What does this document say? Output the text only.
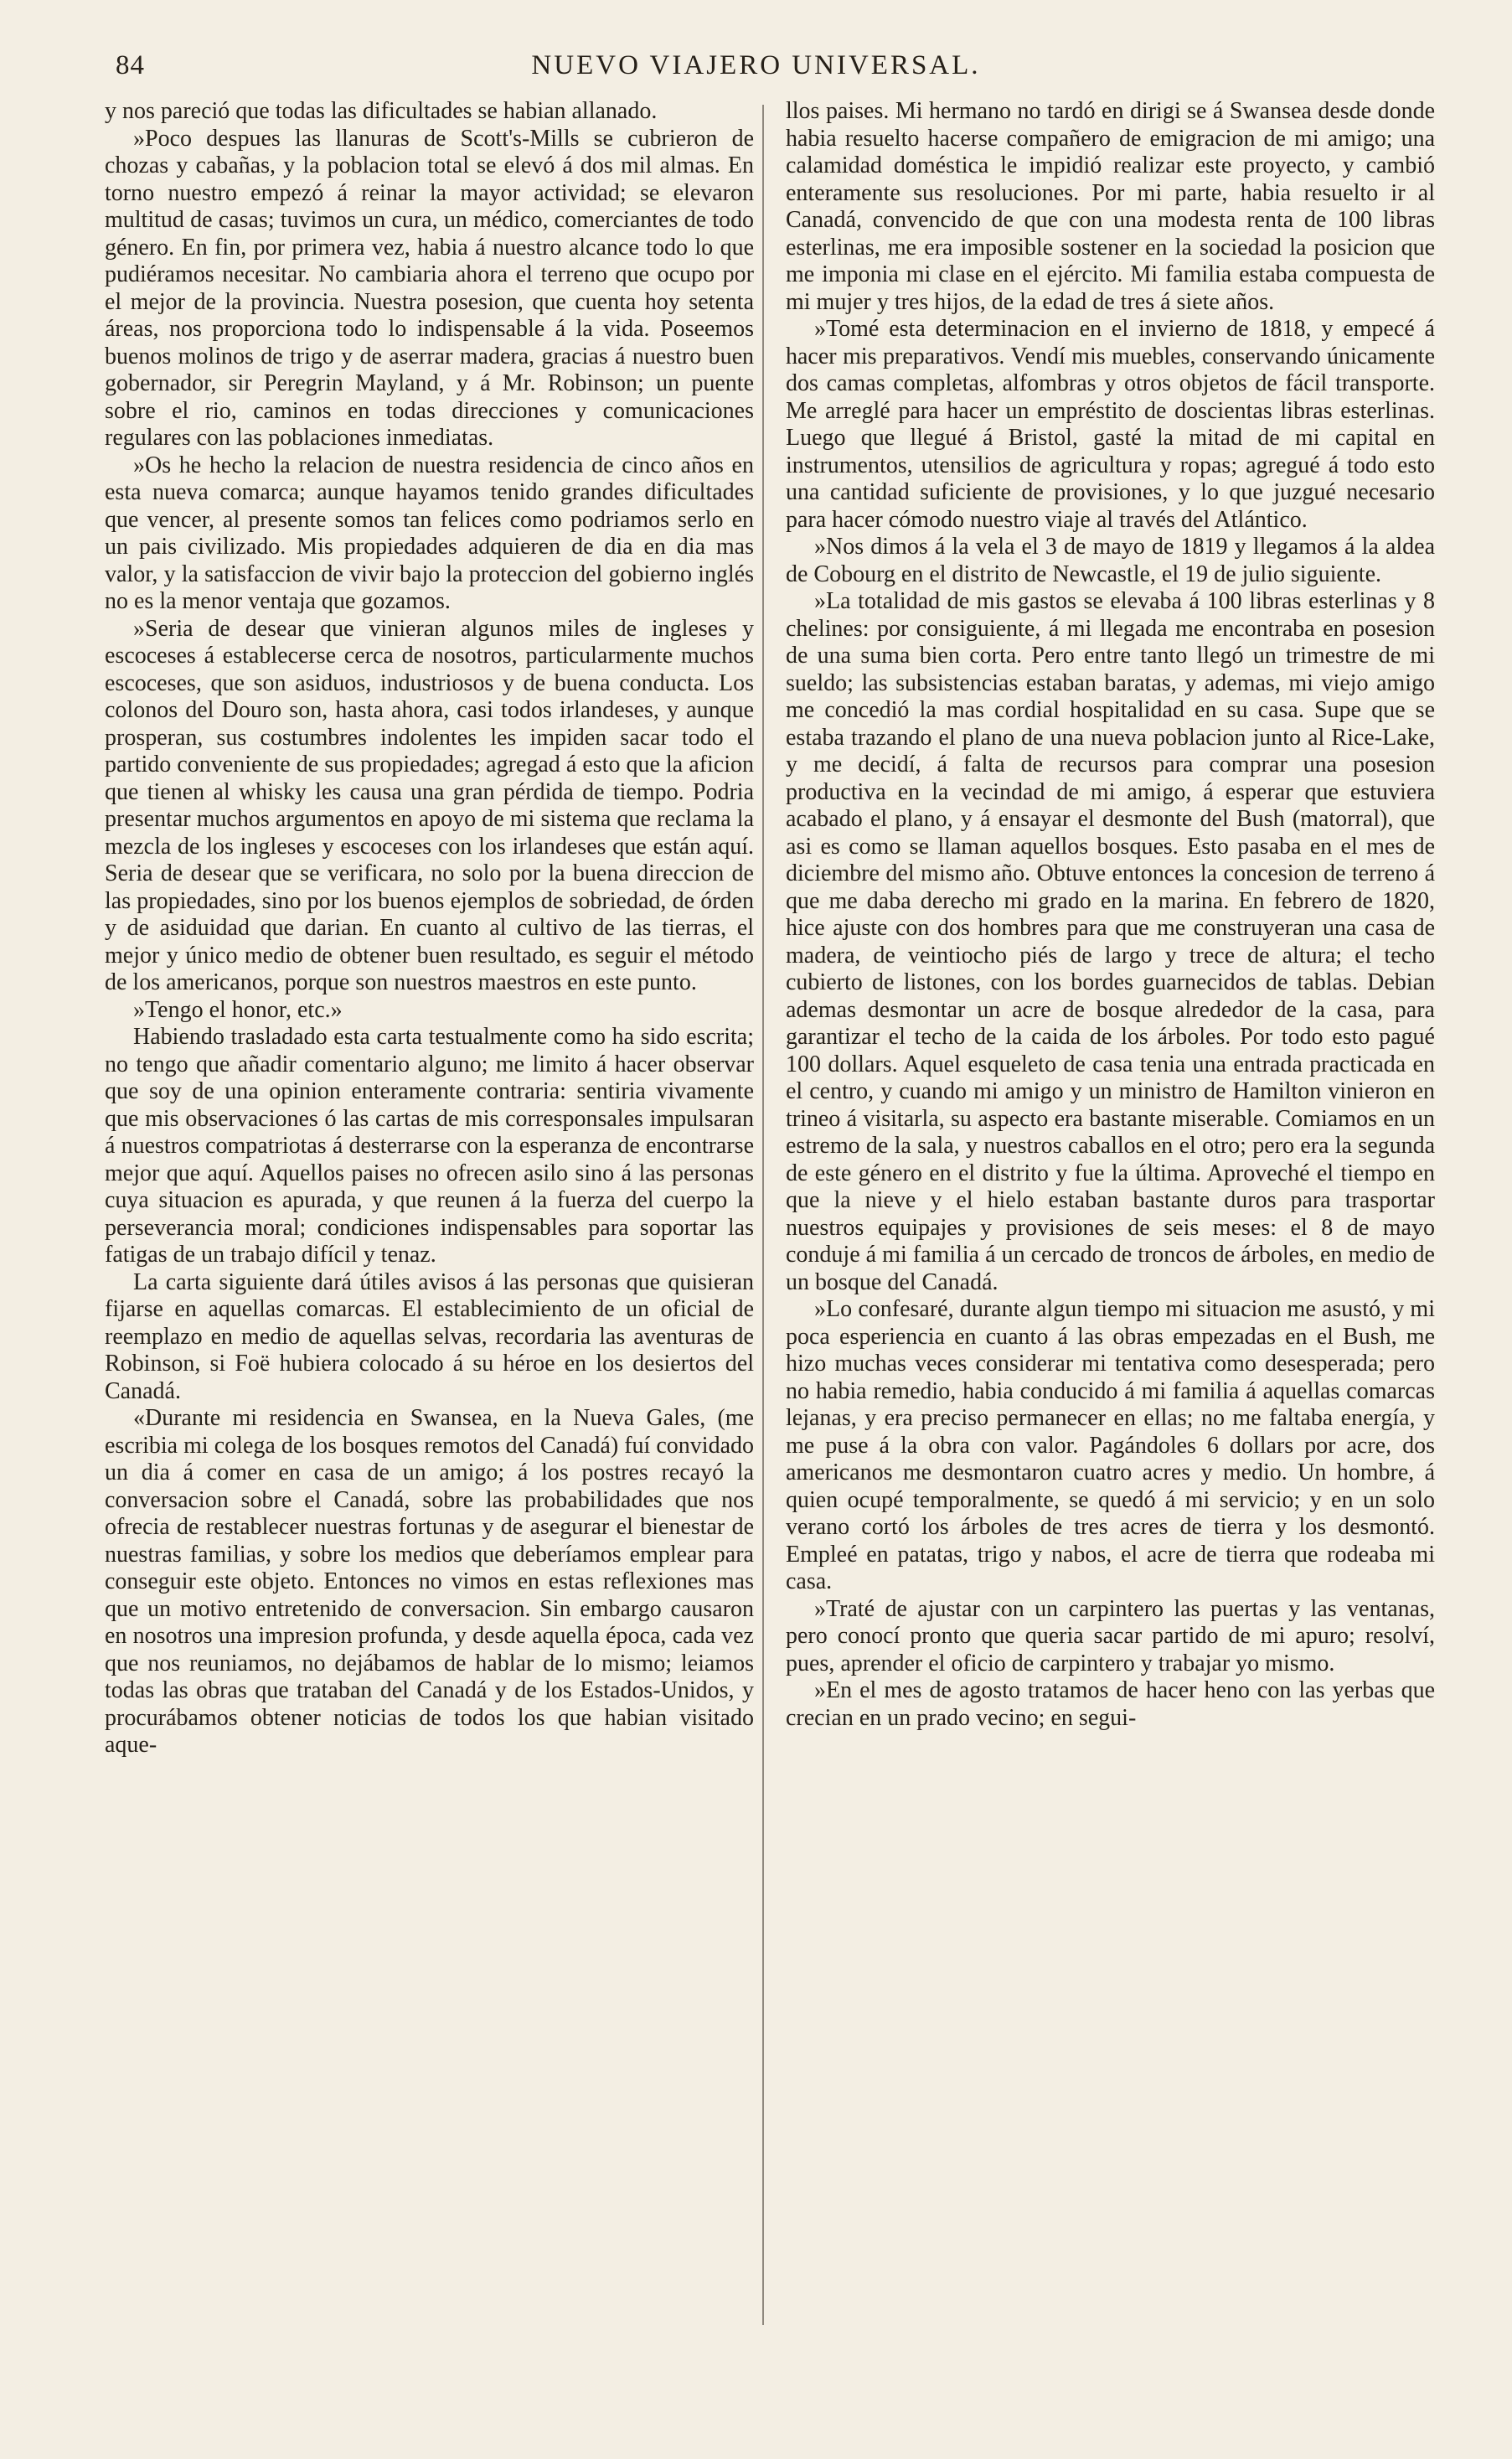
84	NUEVO VIAJERO UNIVERSAL.

y nos pareció que todas las dificultades se habian allanado.

»Poco despues las llanuras de Scott's-Mills se cubrieron de chozas y cabañas, y la poblacion total se elevó á dos mil almas. En torno nuestro empezó á reinar la mayor actividad; se elevaron multitud de casas; tuvimos un cura, un médico, comerciantes de todo género. En fin, por primera vez, habia á nuestro alcance todo lo que pudiéramos necesitar. No cambiaria ahora el terreno que ocupo por el mejor de la provincia. Nuestra posesion, que cuenta hoy setenta áreas, nos proporciona todo lo indispensable á la vida. Poseemos buenos molinos de trigo y de aserrar madera, gracias á nuestro buen gobernador, sir Peregrin Mayland, y á Mr. Robinson; un puente sobre el rio, caminos en todas direcciones y comunicaciones regulares con las poblaciones inmediatas.

»Os he hecho la relacion de nuestra residencia de cinco años en esta nueva comarca; aunque hayamos tenido grandes dificultades que vencer, al presente somos tan felices como podriamos serlo en un pais civilizado. Mis propiedades adquieren de dia en dia mas valor, y la satisfaccion de vivir bajo la proteccion del gobierno inglés no es la menor ventaja que gozamos.

»Seria de desear que vinieran algunos miles de ingleses y escoceses á establecerse cerca de nosotros, particularmente muchos escoceses, que son asiduos, industriosos y de buena conducta. Los colonos del Douro son, hasta ahora, casi todos irlandeses, y aunque prosperan, sus costumbres indolentes les impiden sacar todo el partido conveniente de sus propiedades; agregad á esto que la aficion que tienen al whisky les causa una gran pérdida de tiempo. Podria presentar muchos argumentos en apoyo de mi sistema que reclama la mezcla de los ingleses y escoceses con los irlandeses que están aquí. Seria de desear que se verificara, no solo por la buena direccion de las propiedades, sino por los buenos ejemplos de sobriedad, de órden y de asiduidad que darian. En cuanto al cultivo de las tierras, el mejor y único medio de obtener buen resultado, es seguir el método de los americanos, porque son nuestros maestros en este punto.

»Tengo el honor, etc.»

Habiendo trasladado esta carta testualmente como ha sido escrita; no tengo que añadir comentario alguno; me limito á hacer observar que soy de una opinion enteramente contraria: sentiria vivamente que mis observaciones ó las cartas de mis corresponsales impulsaran á nuestros compatriotas á desterrarse con la esperanza de encontrarse mejor que aquí. Aquellos paises no ofrecen asilo sino á las personas cuya situacion es apurada, y que reunen á la fuerza del cuerpo la perseverancia moral; condiciones indispensables para soportar las fatigas de un trabajo difícil y tenaz.

La carta siguiente dará útiles avisos á las personas que quisieran fijarse en aquellas comarcas. El establecimiento de un oficial de reemplazo en medio de aquellas selvas, recordaria las aventuras de Robinson, si Foë hubiera colocado á su héroe en los desiertos del Canadá.

«Durante mi residencia en Swansea, en la Nueva Gales, (me escribia mi colega de los bosques remotos del Canadá) fuí convidado un dia á comer en casa de un amigo; á los postres recayó la conversacion sobre el Canadá, sobre las probabilidades que nos ofrecia de restablecer nuestras fortunas y de asegurar el bienestar de nuestras familias, y sobre los medios que deberíamos emplear para conseguir este objeto. Entonces no vimos en estas reflexiones mas que un motivo entretenido de conversacion. Sin embargo causaron en nosotros una impresion profunda, y desde aquella época, cada vez que nos reuniamos, no dejábamos de hablar de lo mismo; leiamos todas las obras que trataban del Canadá y de los Estados-Unidos, y procurábamos obtener noticias de todos los que habian visitado aque-

llos paises. Mi hermano no tardó en dirigi se á Swansea desde donde habia resuelto hacerse compañero de emigracion de mi amigo; una calamidad doméstica le impidió realizar este proyecto, y cambió enteramente sus resoluciones. Por mi parte, habia resuelto ir al Canadá, convencido de que con una modesta renta de 100 libras esterlinas, me era imposible sostener en la sociedad la posicion que me imponia mi clase en el ejército. Mi familia estaba compuesta de mi mujer y tres hijos, de la edad de tres á siete años.

»Tomé esta determinacion en el invierno de 1818, y empecé á hacer mis preparativos. Vendí mis muebles, conservando únicamente dos camas completas, alfombras y otros objetos de fácil transporte. Me arreglé para hacer un empréstito de doscientas libras esterlinas. Luego que llegué á Bristol, gasté la mitad de mi capital en instrumentos, utensilios de agricultura y ropas; agregué á todo esto una cantidad suficiente de provisiones, y lo que juzgué necesario para hacer cómodo nuestro viaje al través del Atlántico.

»Nos dimos á la vela el 3 de mayo de 1819 y llegamos á la aldea de Cobourg en el distrito de Newcastle, el 19 de julio siguiente.

»La totalidad de mis gastos se elevaba á 100 libras esterlinas y 8 chelines: por consiguiente, á mi llegada me encontraba en posesion de una suma bien corta. Pero entre tanto llegó un trimestre de mi sueldo; las subsistencias estaban baratas, y ademas, mi viejo amigo me concedió la mas cordial hospitalidad en su casa. Supe que se estaba trazando el plano de una nueva poblacion junto al Rice-Lake, y me decidí, á falta de recursos para comprar una posesion productiva en la vecindad de mi amigo, á esperar que estuviera acabado el plano, y á ensayar el desmonte del Bush (matorral), que asi es como se llaman aquellos bosques. Esto pasaba en el mes de diciembre del mismo año. Obtuve entonces la concesion de terreno á que me daba derecho mi grado en la marina. En febrero de 1820, hice ajuste con dos hombres para que me construyeran una casa de madera, de veintiocho piés de largo y trece de altura; el techo cubierto de listones, con los bordes guarnecidos de tablas. Debian ademas desmontar un acre de bosque alrededor de la casa, para garantizar el techo de la caida de los árboles. Por todo esto pagué 100 dollars. Aquel esqueleto de casa tenia una entrada practicada en el centro, y cuando mi amigo y un ministro de Hamilton vinieron en trineo á visitarla, su aspecto era bastante miserable. Comiamos en un estremo de la sala, y nuestros caballos en el otro; pero era la segunda de este género en el distrito y fue la última. Aproveché el tiempo en que la nieve y el hielo estaban bastante duros para trasportar nuestros equipajes y provisiones de seis meses: el 8 de mayo conduje á mi familia á un cercado de troncos de árboles, en medio de un bosque del Canadá.

»Lo confesaré, durante algun tiempo mi situacion me asustó, y mi poca esperiencia en cuanto á las obras empezadas en el Bush, me hizo muchas veces considerar mi tentativa como desesperada; pero no habia remedio, habia conducido á mi familia á aquellas comarcas lejanas, y era preciso permanecer en ellas; no me faltaba energía, y me puse á la obra con valor. Pagándoles 6 dollars por acre, dos americanos me desmontaron cuatro acres y medio. Un hombre, á quien ocupé temporalmente, se quedó á mi servicio; y en un solo verano cortó los árboles de tres acres de tierra y los desmontó. Empleé en patatas, trigo y nabos, el acre de tierra que rodeaba mi casa.

»Traté de ajustar con un carpintero las puertas y las ventanas, pero conocí pronto que queria sacar partido de mi apuro; resolví, pues, aprender el oficio de carpintero y trabajar yo mismo.

»En el mes de agosto tratamos de hacer heno con las yerbas que crecian en un prado vecino; en segui-
